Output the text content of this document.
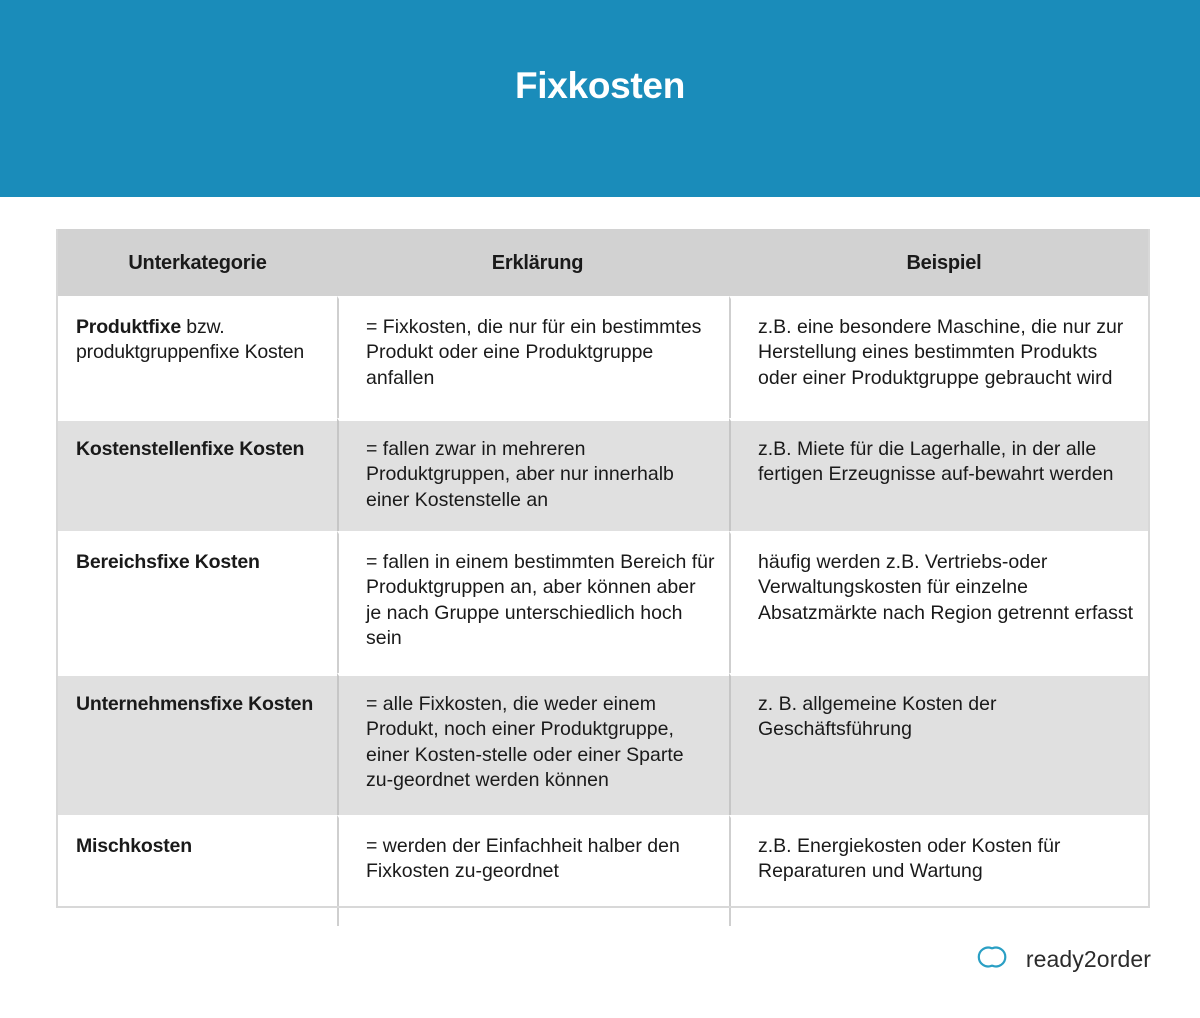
Fixkosten
Unterkategorie	Erklärung	Beispiel

Produktfixe bzw. produktgruppenfixe Kosten	= Fixkosten, die nur für ein bestimmtes Produkt oder eine Produktgruppe anfallen	z.B. eine besondere Maschine, die nur zur Herstellung eines bestimmten Produkts oder einer Produktgruppe gebraucht wird

Kostenstellenfixe Kosten	= fallen zwar in mehreren Produktgruppen, aber nur innerhalb einer Kostenstelle an	z.B. Miete für die Lagerhalle, in der alle fertigen Erzeugnisse auf-bewahrt werden

Bereichsfixe Kosten	= fallen in einem bestimmten Bereich für Produktgruppen an, aber können aber je nach Gruppe unterschiedlich hoch sein	häufig werden z.B. Vertriebs-oder Verwaltungskosten für einzelne Absatzmärkte nach Region getrennt erfasst

Unternehmensfixe Kosten	= alle Fixkosten, die weder einem Produkt, noch einer Produktgruppe, einer Kosten-stelle oder einer Sparte zu-geordnet werden können	z. B. allgemeine Kosten der Geschäftsführung

Mischkosten	= werden der Einfachheit halber den Fixkosten zu-geordnet	z.B. Energiekosten oder Kosten für Reparaturen und Wartung
ready2order
